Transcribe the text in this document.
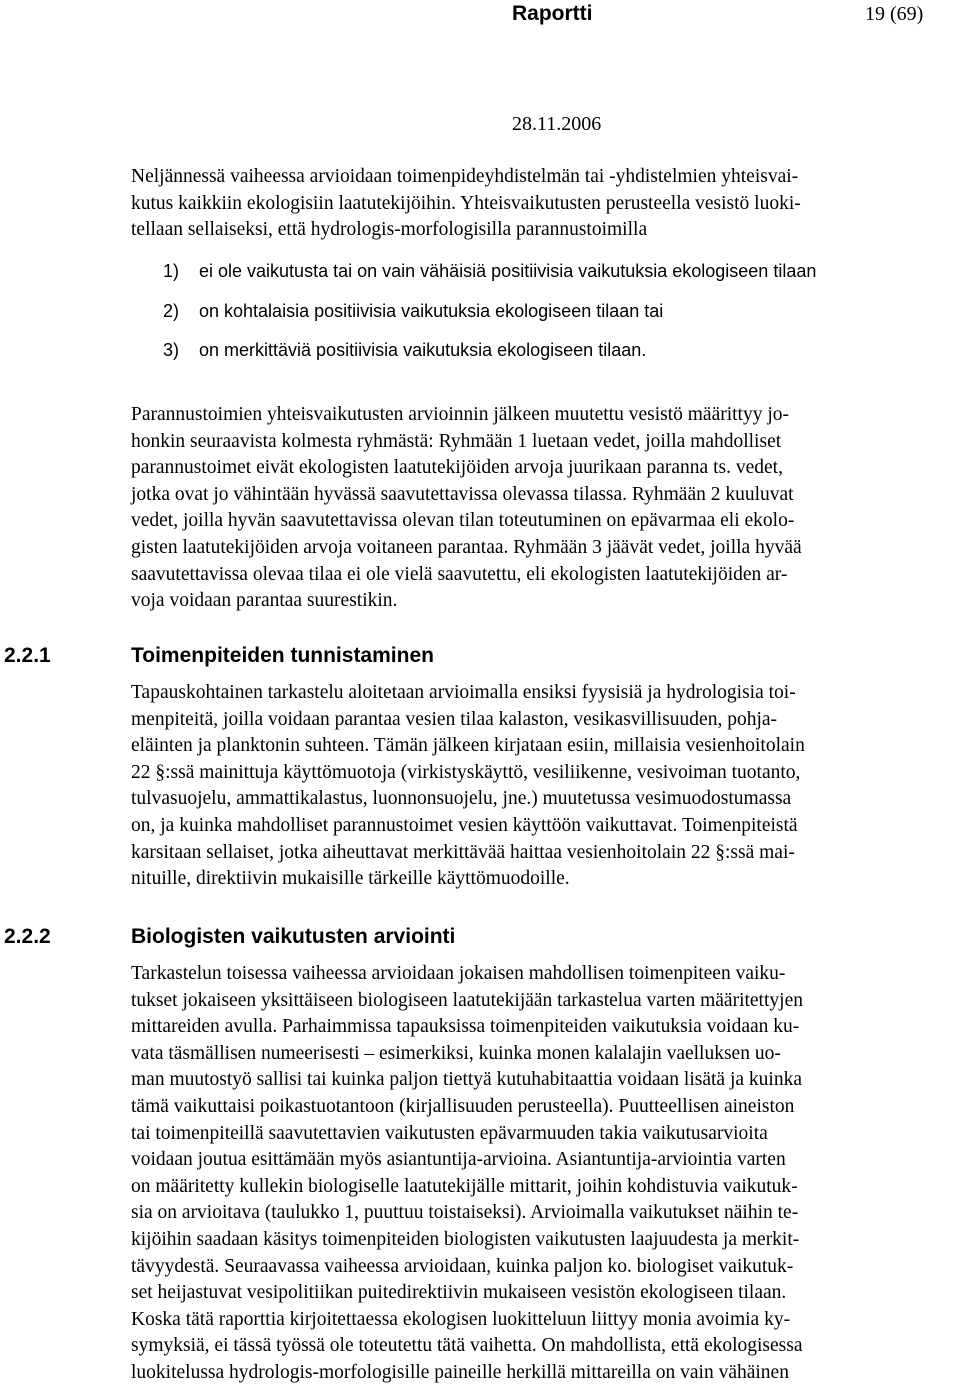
Raportti	19 (69)
28.11.2006
Neljännessä vaiheessa arvioidaan toimenpideyhdistelmän tai -yhdistelmien yhteisvai-
kutus kaikkiin ekologisiin laatutekijöihin. Yhteisvaikutusten perusteella vesistö luoki-
tellaan sellaiseksi, että hydrologis-morfologisilla parannustoimilla
1)	ei ole vaikutusta tai on vain vähäisiä positiivisia vaikutuksia ekologiseen tilaan
2)	on kohtalaisia positiivisia vaikutuksia ekologiseen tilaan tai
3)	on merkittäviä positiivisia vaikutuksia ekologiseen tilaan.
Parannustoimien yhteisvaikutusten arvioinnin jälkeen muutettu vesistö määrittyy jo-
honkin seuraavista kolmesta ryhmästä: Ryhmään 1 luetaan vedet, joilla mahdolliset
parannustoimet eivät ekologisten laatutekijöiden arvoja juurikaan paranna ts. vedet,
jotka ovat jo vähintään hyvässä saavutettavissa olevassa tilassa. Ryhmään 2 kuuluvat
vedet, joilla hyvän saavutettavissa olevan tilan toteutuminen on epävarmaa eli ekolo-
gisten laatutekijöiden arvoja voitaneen parantaa. Ryhmään 3 jäävät vedet, joilla hyvää
saavutettavissa olevaa tilaa ei ole vielä saavutettu, eli ekologisten laatutekijöiden ar-
voja voidaan parantaa suurestikin.
2.2.1	Toimenpiteiden tunnistaminen
Tapauskohtainen tarkastelu aloitetaan arvioimalla ensiksi fyysisiä ja hydrologisia toi-
menpiteitä, joilla voidaan parantaa vesien tilaa kalaston, vesikasvillisuuden, pohja-
eläinten ja planktonin suhteen. Tämän jälkeen kirjataan esiin, millaisia vesienhoitolain
22 §:ssä mainittuja käyttömuotoja (virkistyskäyttö, vesiliikenne, vesivoiman tuotanto,
tulvasuojelu, ammattikalastus, luonnonsuojelu, jne.) muutetussa vesimuodostumassa
on, ja kuinka mahdolliset parannustoimet vesien käyttöön vaikuttavat. Toimenpiteistä
karsitaan sellaiset, jotka aiheuttavat merkittävää haittaa vesienhoitolain 22 §:ssä mai-
nituille, direktiivin mukaisille tärkeille käyttömuodoille.
2.2.2	Biologisten vaikutusten arviointi
Tarkastelun toisessa vaiheessa arvioidaan jokaisen mahdollisen toimenpiteen vaiku-
tukset jokaiseen yksittäiseen biologiseen laatutekijään tarkastelua varten määritettyjen
mittareiden avulla. Parhaimmissa tapauksissa toimenpiteiden vaikutuksia voidaan ku-
vata täsmällisen numeerisesti – esimerkiksi, kuinka monen kalalajin vaelluksen uo-
man muutostyö sallisi tai kuinka paljon tiettyä kutuhabitaattia voidaan lisätä ja kuinka
tämä vaikuttaisi poikastuotantoon (kirjallisuuden perusteella). Puutteellisen aineiston
tai toimenpiteillä saavutettavien vaikutusten epävarmuuden takia vaikutusarvioita
voidaan joutua esittämään myös asiantuntija-arvioina. Asiantuntija-arviointia varten
on määritetty kullekin biologiselle laatutekijälle mittarit, joihin kohdistuvia vaikutuk-
sia on arvioitava (taulukko 1, puuttuu toistaiseksi). Arvioimalla vaikutukset näihin te-
kijöihin saadaan käsitys toimenpiteiden biologisten vaikutusten laajuudesta ja merkit-
tävyydestä. Seuraavassa vaiheessa arvioidaan, kuinka paljon ko. biologiset vaikutuk-
set heijastuvat vesipolitiikan puitedirektiivin mukaiseen vesistön ekologiseen tilaan.
Koska tätä raporttia kirjoitettaessa ekologisen luokitteluun liittyy monia avoimia ky-
symyksiä, ei tässä työssä ole toteutettu tätä vaihetta. On mahdollista, että ekologisessa
luokitelussa hydrologis-morfologisille paineille herkillä mittareilla on vain vähäinen
